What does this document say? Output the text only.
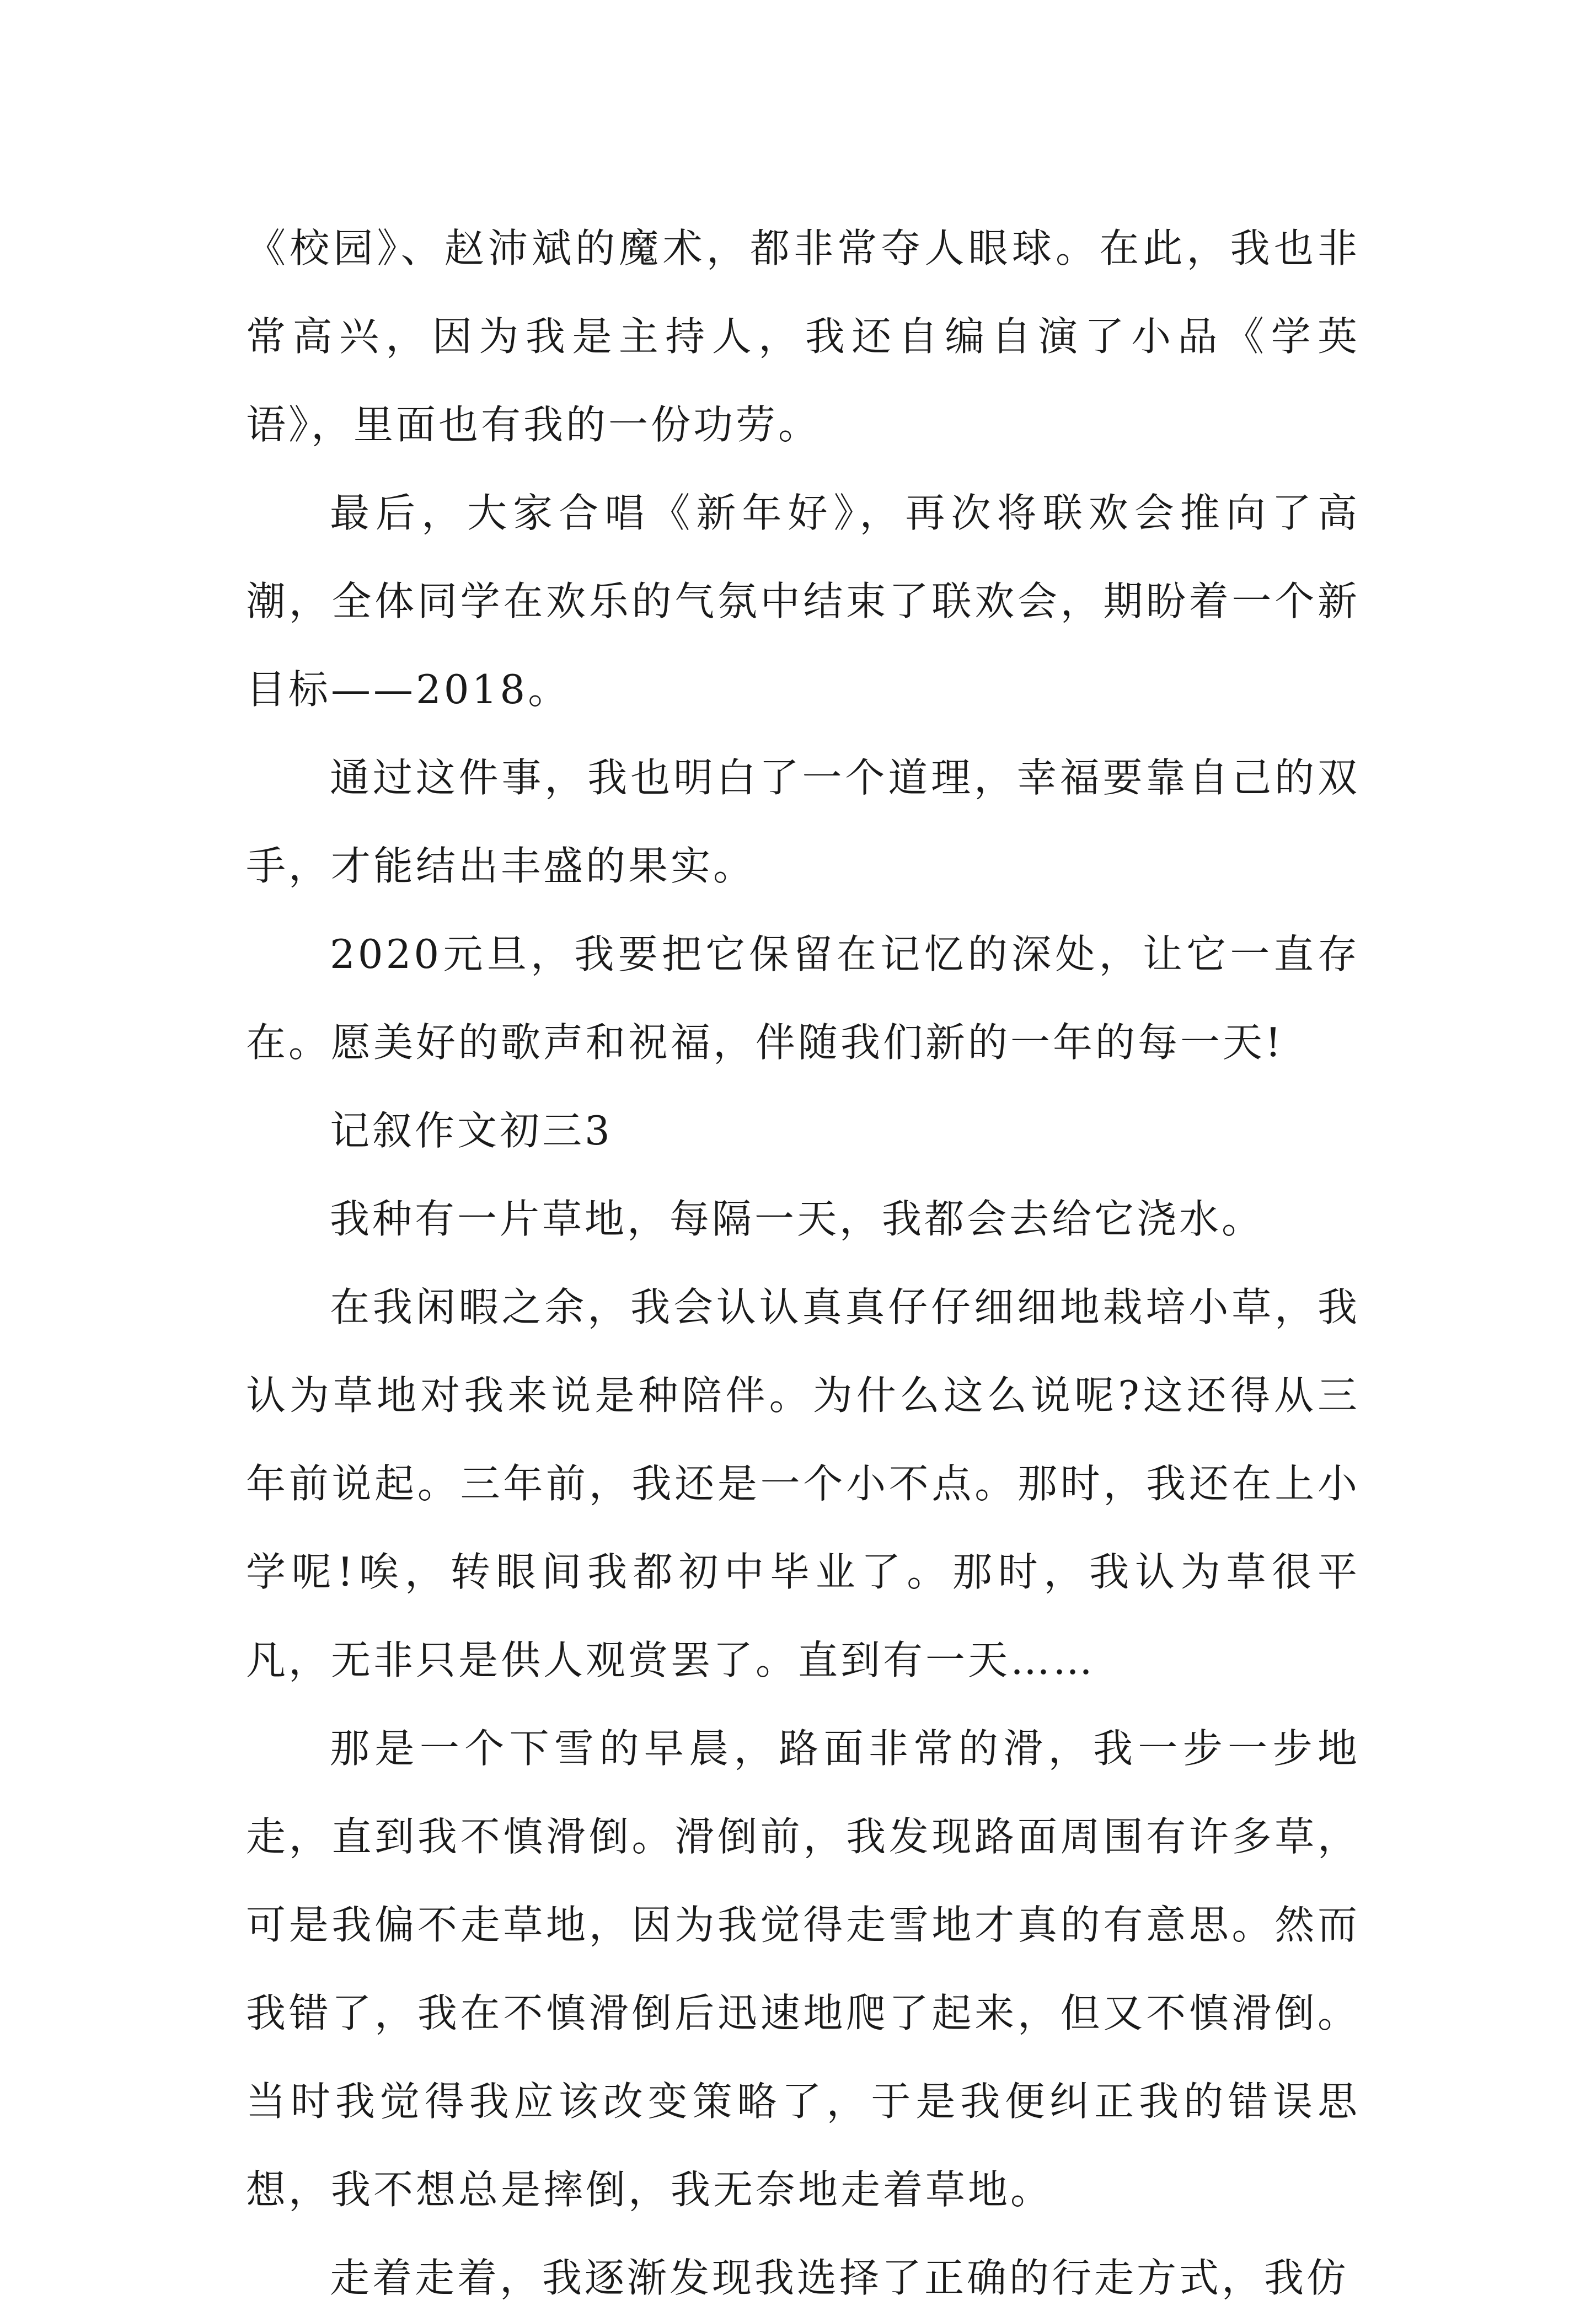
《校园》、赵沛斌的魔术，都非常夺人眼球。在此，我也非常高兴，因为我是主持人，我还自编自演了小品《学英语》，里面也有我的一份功劳。

最后，大家合唱《新年好》，再次将联欢会推向了高潮，全体同学在欢乐的气氛中结束了联欢会，期盼着一个新目标——2018。

通过这件事，我也明白了一个道理，幸福要靠自己的双手，才能结出丰盛的果实。

2020元旦，我要把它保留在记忆的深处，让它一直存在。愿美好的歌声和祝福，伴随我们新的一年的每一天!

记叙作文初三3

我种有一片草地，每隔一天，我都会去给它浇水。

在我闲暇之余，我会认认真真仔仔细细地栽培小草，我认为草地对我来说是种陪伴。为什么这么说呢?这还得从三年前说起。三年前，我还是一个小不点。那时，我还在上小学呢!唉，转眼间我都初中毕业了。那时，我认为草很平凡，无非只是供人观赏罢了。直到有一天……

那是一个下雪的早晨，路面非常的滑，我一步一步地走，直到我不慎滑倒。滑倒前，我发现路面周围有许多草，可是我偏不走草地，因为我觉得走雪地才真的有意思。然而我错了，我在不慎滑倒后迅速地爬了起来，但又不慎滑倒。当时我觉得我应该改变策略了，于是我便纠正我的错误思想，我不想总是摔倒，我无奈地走着草地。

走着走着，我逐渐发现我选择了正确的行走方式，我仿
